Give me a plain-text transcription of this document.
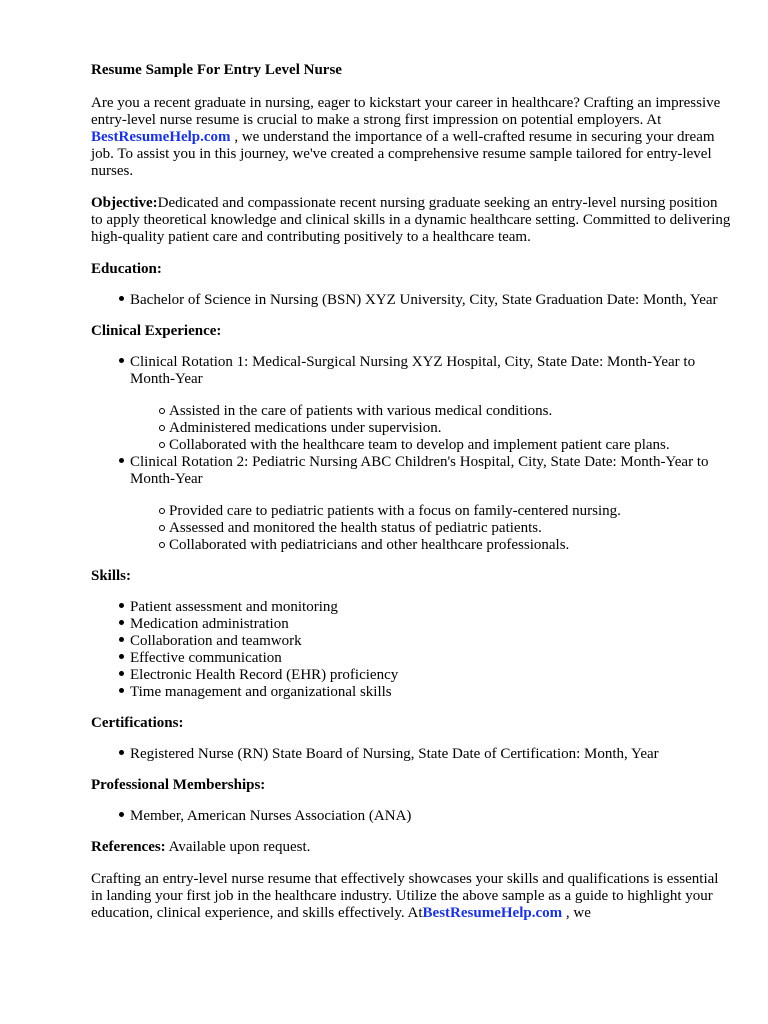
Resume Sample For Entry Level Nurse

Are you a recent graduate in nursing, eager to kickstart your career in healthcare? Crafting an impressive entry-level nurse resume is crucial to make a strong first impression on potential employers. At BestResumeHelp.com , we understand the importance of a well-crafted resume in securing your dream job. To assist you in this journey, we've created a comprehensive resume sample tailored for entry-level nurses.

Objective:Dedicated and compassionate recent nursing graduate seeking an entry-level nursing position to apply theoretical knowledge and clinical skills in a dynamic healthcare setting. Committed to delivering high-quality patient care and contributing positively to a healthcare team.

Education:
Bachelor of Science in Nursing (BSN) XYZ University, City, State Graduation Date: Month, Year
Clinical Experience:
Clinical Rotation 1: Medical-Surgical Nursing XYZ Hospital, City, State Date: Month-Year to Month-Year
Assisted in the care of patients with various medical conditions.
Administered medications under supervision.
Collaborated with the healthcare team to develop and implement patient care plans.
Clinical Rotation 2: Pediatric Nursing ABC Children's Hospital, City, State Date: Month-Year to Month-Year
Provided care to pediatric patients with a focus on family-centered nursing.
Assessed and monitored the health status of pediatric patients.
Collaborated with pediatricians and other healthcare professionals.
Skills:
Patient assessment and monitoring
Medication administration
Collaboration and teamwork
Effective communication
Electronic Health Record (EHR) proficiency
Time management and organizational skills
Certifications:
Registered Nurse (RN) State Board of Nursing, State Date of Certification: Month, Year
Professional Memberships:
Member, American Nurses Association (ANA)

References: Available upon request.

Crafting an entry-level nurse resume that effectively showcases your skills and qualifications is essential in landing your first job in the healthcare industry. Utilize the above sample as a guide to highlight your education, clinical experience, and skills effectively. AtBestResumeHelp.com , we
